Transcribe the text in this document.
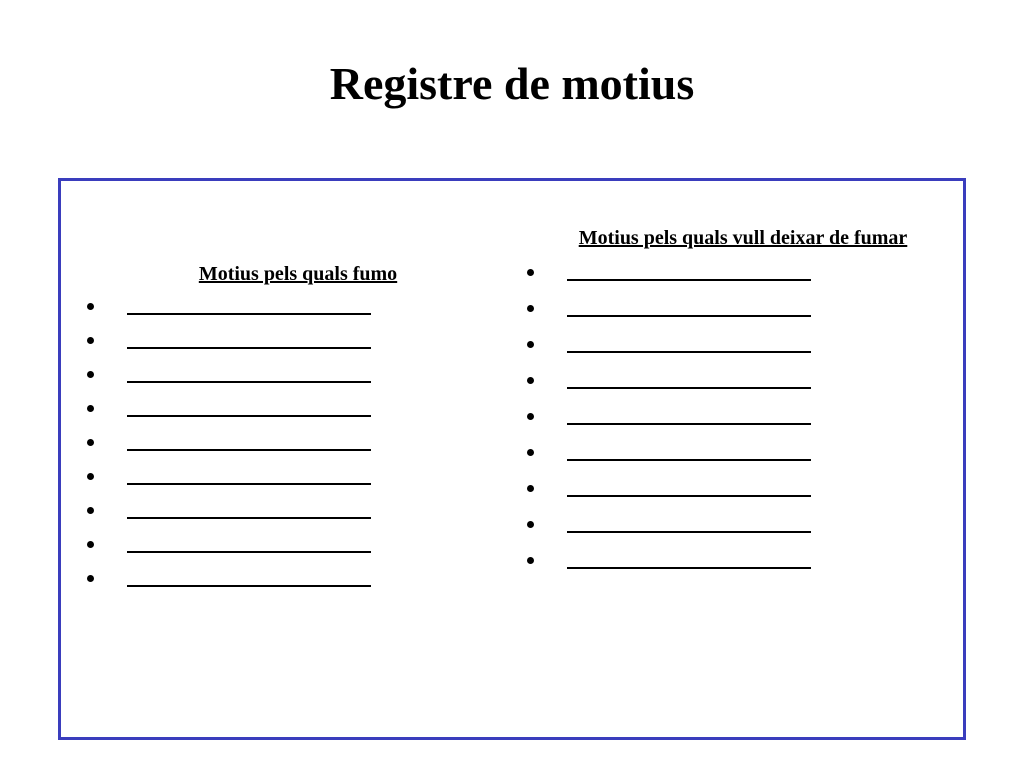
Registre de motius

Motius pels quals fumo

Motius pels quals vull deixar de fumar
